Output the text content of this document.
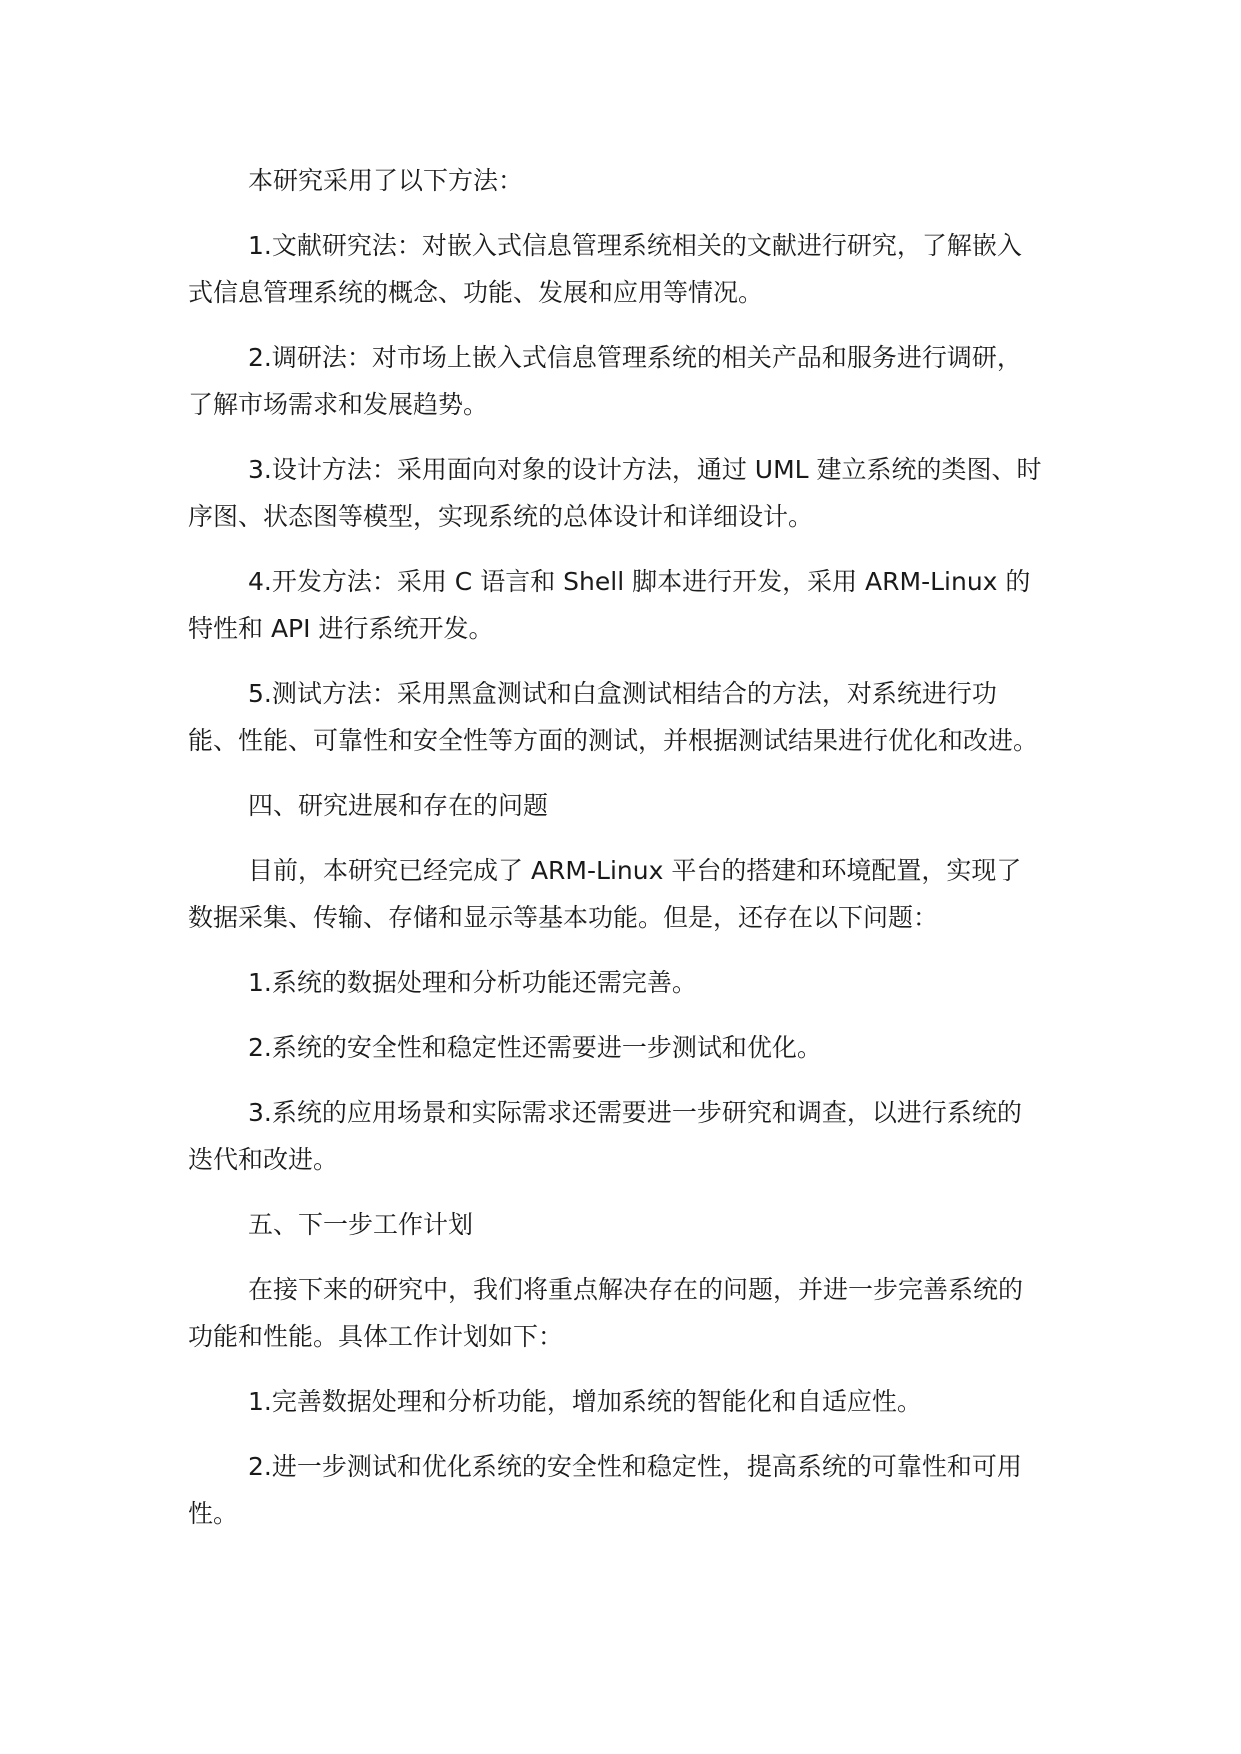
本研究采用了以下方法：

1.文献研究法：对嵌入式信息管理系统相关的文献进行研究，了解嵌入式信息管理系统的概念、功能、发展和应用等情况。

2.调研法：对市场上嵌入式信息管理系统的相关产品和服务进行调研，了解市场需求和发展趋势。

3.设计方法：采用面向对象的设计方法，通过 UML 建立系统的类图、时序图、状态图等模型，实现系统的总体设计和详细设计。

4.开发方法：采用 C 语言和 Shell 脚本进行开发，采用 ARM-Linux 的特性和 API 进行系统开发。

5.测试方法：采用黑盒测试和白盒测试相结合的方法，对系统进行功能、性能、可靠性和安全性等方面的测试，并根据测试结果进行优化和改进。

四、研究进展和存在的问题

目前，本研究已经完成了 ARM-Linux 平台的搭建和环境配置，实现了数据采集、传输、存储和显示等基本功能。但是，还存在以下问题：

1.系统的数据处理和分析功能还需完善。

2.系统的安全性和稳定性还需要进一步测试和优化。

3.系统的应用场景和实际需求还需要进一步研究和调查，以进行系统的迭代和改进。

五、下一步工作计划

在接下来的研究中，我们将重点解决存在的问题，并进一步完善系统的功能和性能。具体工作计划如下：

1.完善数据处理和分析功能，增加系统的智能化和自适应性。

2.进一步测试和优化系统的安全性和稳定性，提高系统的可靠性和可用性。
